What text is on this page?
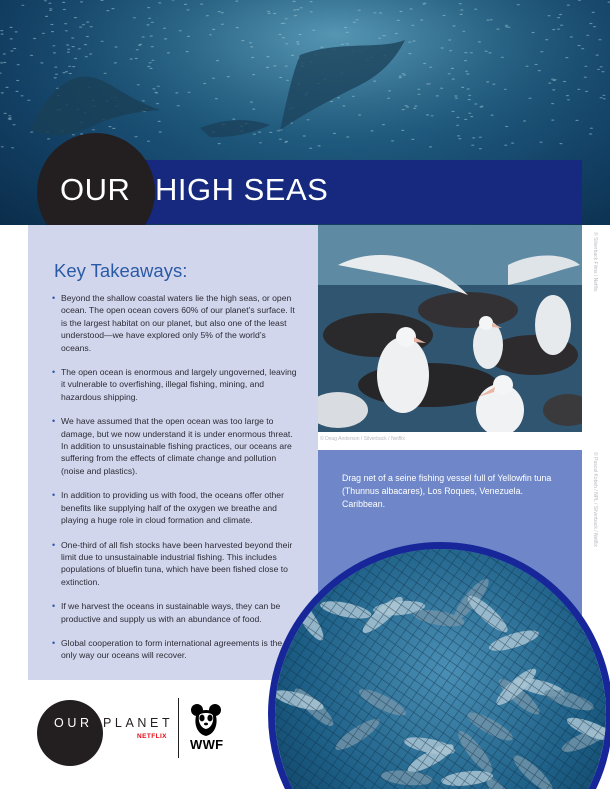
© Silverback Films / Netflix
OUR HIGH SEAS
Key Takeaways:
• Beyond the shallow coastal waters lie the high seas, or open ocean. The open ocean covers 60% of our planet’s surface. It is the largest habitat on our planet, but also one of the least understood—we have explored only 5% of the world’s oceans.
• The open ocean is enormous and largely ungoverned, leaving it vulnerable to overfishing, illegal fishing, mining, and hazardous shipping.
• We have assumed that the open ocean was too large to damage, but we now understand it is under enormous threat. In addition to unsustainable fishing practices, our oceans are suffering from the effects of climate change and pollution (noise and plastics).
• In addition to providing us with food, the oceans offer other benefits like supplying half of the oxygen we breathe and playing a huge role in cloud formation and climate.
• One-third of all fish stocks have been harvested beyond their limit due to unsustainable industrial fishing. This includes populations of bluefin tuna, which have been fished close to extinction.
• If we harvest the oceans in sustainable ways, they can be productive and supply us with an abundance of food.
• Global cooperation to form international agreements is the only way our oceans will recover.
© Doug Anderson / Silverback / Netflix
Drag net of a seine fishing vessel full of Yellowfin tuna (Thunnus albacares), Los Roques, Venezuela. Caribbean.	© Pascal Kobeh / NPL / Silverback / Netflix
OUR PLANET
NETFLIX
WWF
